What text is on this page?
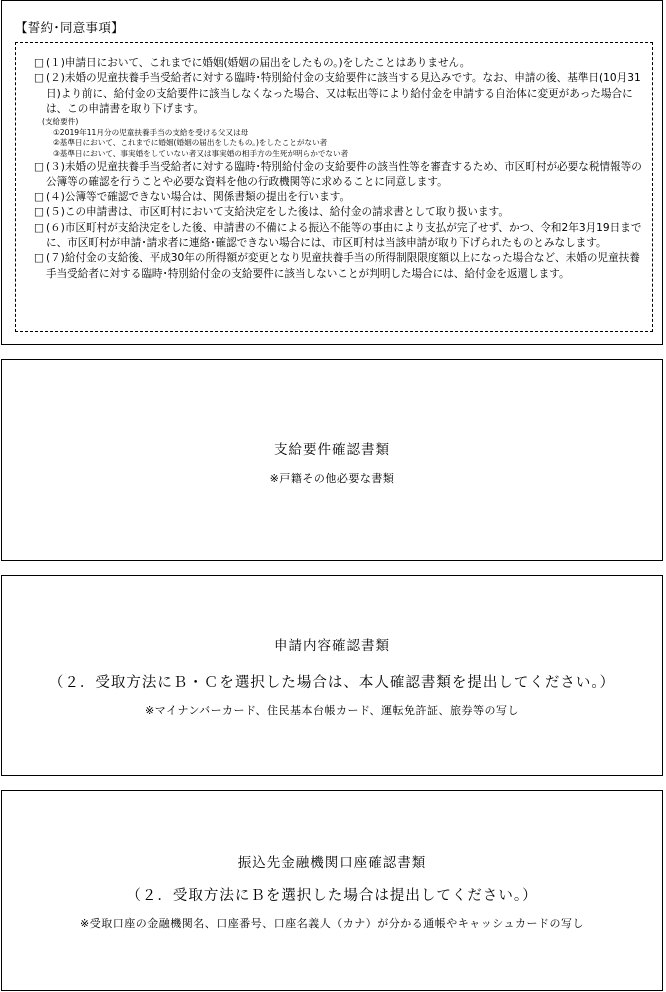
【誓約･同意事項】
□ (１)申請日において、これまでに婚姻(婚姻の届出をしたもの。)をしたことはありません。
□ (２)未婚の児童扶養手当受給者に対する臨時･特別給付金の支給要件に該当する見込みです。なお、申請の後、基準日(10月31日)より前に、給付金の支給要件に該当しなくなった場合、又は転出等により給付金を申請する自治体に変更があった場合には、この申請書を取り下げます。
(支給要件)
①2019年11月分の児童扶養手当の支給を受ける父又は母
②基準日において、これまでに婚姻(婚姻の届出をしたもの。)をしたことがない者
③基準日において、事実婚をしていない者又は事実婚の相手方の生死が明らかでない者
□ (３)未婚の児童扶養手当受給者に対する臨時･特別給付金の支給要件の該当性等を審査するため、市区町村が必要な税情報等の公簿等の確認を行うことや必要な資料を他の行政機関等に求めることに同意します。
□ (４)公簿等で確認できない場合は、関係書類の提出を行います。
□ (５)この申請書は、市区町村において支給決定をした後は、給付金の請求書として取り扱います。
□ (６)市区町村が支給決定をした後、申請書の不備による振込不能等の事由により支払が完了せず、かつ、令和2年3月19日までに、市区町村が申請･請求者に連絡･確認できない場合には、市区町村は当該申請が取り下げられたものとみなします。
□ (７)給付金の支給後、平成30年の所得額が変更となり児童扶養手当の所得制限限度額以上になった場合など、未婚の児童扶養手当受給者に対する臨時･特別給付金の支給要件に該当しないことが判明した場合には、給付金を返還します。
支給要件確認書類
※戸籍その他必要な書類
申請内容確認書類
（２．受取方法にＢ・Ｃを選択した場合は、本人確認書類を提出してください。）
※マイナンバーカード、住民基本台帳カード、運転免許証、旅券等の写し
振込先金融機関口座確認書類
（２．受取方法にＢを選択した場合は提出してください。）
※受取口座の金融機関名、口座番号、口座名義人（カナ）が分かる通帳やキャッシュカードの写し
